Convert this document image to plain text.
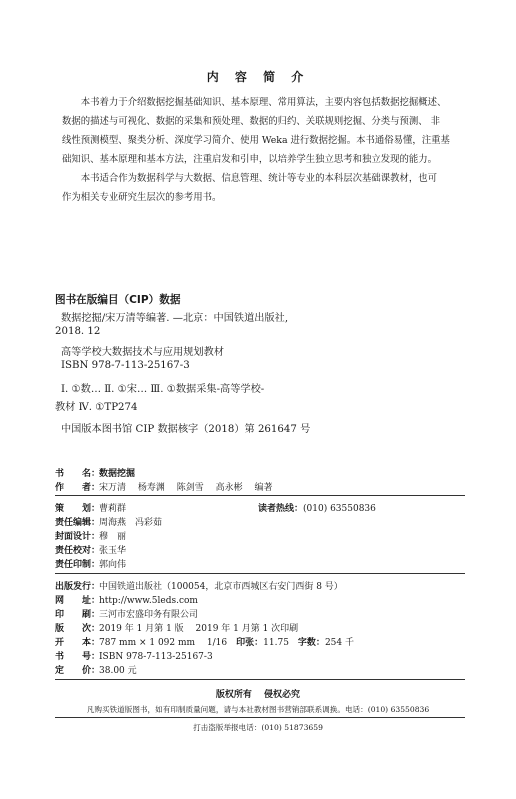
内 容 简 介

本书着力于介绍数据挖掘基础知识、基本原理、常用算法，主要内容包括数据挖掘概述、

数据的描述与可视化、数据的采集和预处理、数据的归约、关联规则挖掘、分类与预测、 非

线性预测模型、聚类分析、深度学习简介、使用 Weka 进行数据挖掘。本书通俗易懂，注重基

础知识、基本原理和基本方法，注重启发和引申，以培养学生独立思考和独立发现的能力。

本书适合作为数据科学与大数据、信息管理、统计等专业的本科层次基础课教材，也可

作为相关专业研究生层次的参考用书。

图书在版编目（CIP）数据
数据挖掘/宋万清等编著. —北京：中国铁道出版社,
2018. 12
高等学校大数据技术与应用规划教材
ISBN 978-7-113-25167-3
Ⅰ. ①数… Ⅱ. ①宋… Ⅲ. ①数据采集-高等学校-
教材 Ⅳ. ①TP274
中国版本图书馆 CIP 数据核字（2018）第 261647 号
书　　名：数据挖掘
作　　者：宋万清　 杨寿渊　 陈剑雪　 高永彬　 编著
策　　划：曹莉群	读者热线：(010) 63550836
责任编辑：周海燕　冯彩茹
封面设计：穆　丽
责任校对：张玉华
责任印制：郭向伟
出版发行：中国铁道出版社（100054，北京市西城区右安门西街 8 号）
网　　址：http://www.5leds.com
印　　刷：三河市宏盛印务有限公司
版　　次：2019 年 1 月第 1 版　 2019 年 1 月第 1 次印刷
开　　本：787 mm × 1 092 mm　 1/16　印张：11.75　字数：254 千
书　　号：ISBN 978-7-113-25167-3
定　　价：38.00 元
版权所有　 侵权必究
凡购买铁道版图书，如有印制质量问题，请与本社教材图书营销部联系调换。电话：(010) 63550836
打击盗版举报电话：(010) 51873659
